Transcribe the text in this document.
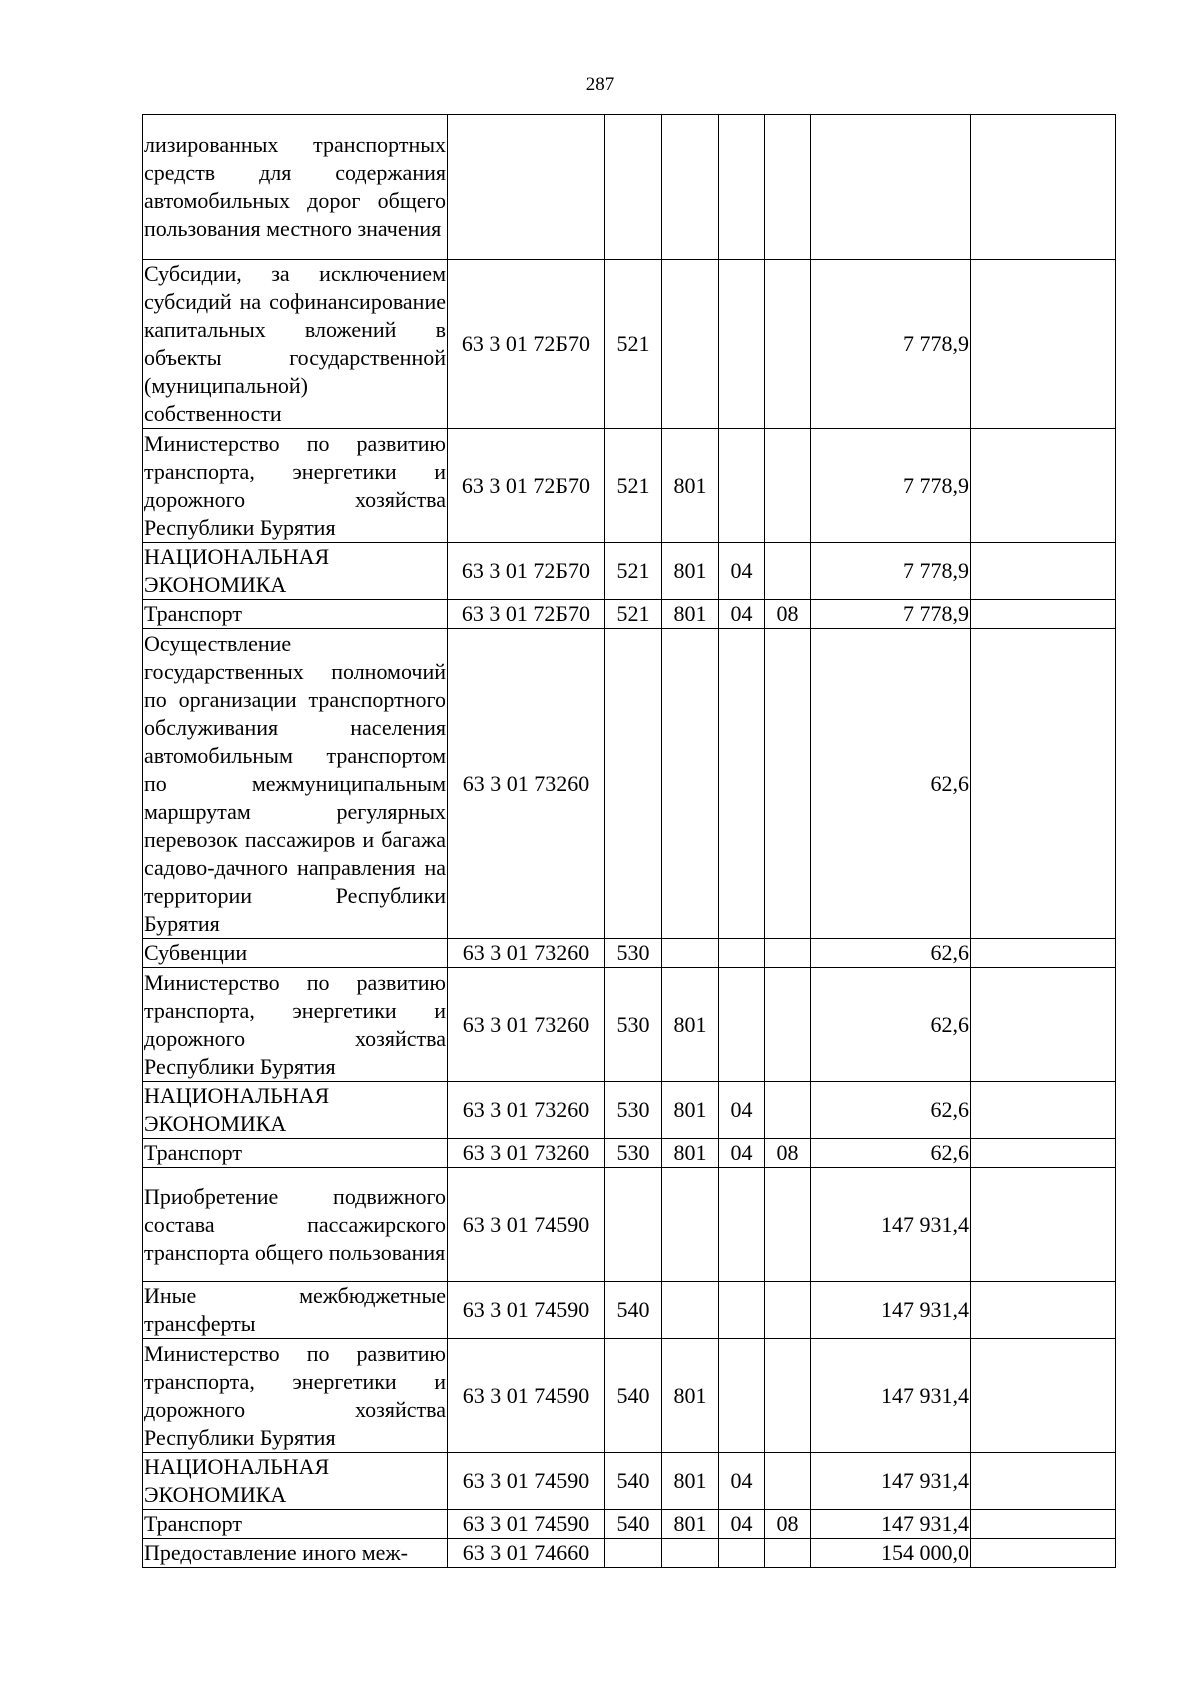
287
лизированных транспортных средств для содержания автомобильных дорог общего пользования местного значения							
Субсидии, за исключением субсидий на софинансирование капитальных вложений в объекты государственной (муниципальной) собственности	63 3 01 72Б70	521				7 778,9	
Министерство по развитию транспорта, энергетики и дорожного хозяйства Республики Бурятия	63 3 01 72Б70	521	801			7 778,9	
НАЦИОНАЛЬНАЯ ЭКОНОМИКА	63 3 01 72Б70	521	801	04		7 778,9	
Транспорт	63 3 01 72Б70	521	801	04	08	7 778,9	
Осуществление государственных полномочий по организации транспортного обслуживания населения автомобильным транспортом по межмуниципальным маршрутам регулярных перевозок пассажиров и багажа садово-дачного направления на территории Республики Бурятия	63 3 01 73260					62,6	
Субвенции	63 3 01 73260	530				62,6	
Министерство по развитию транспорта, энергетики и дорожного хозяйства Республики Бурятия	63 3 01 73260	530	801			62,6	
НАЦИОНАЛЬНАЯ ЭКОНОМИКА	63 3 01 73260	530	801	04		62,6	
Транспорт	63 3 01 73260	530	801	04	08	62,6	
Приобретение подвижного состава пассажирского транспорта общего пользования	63 3 01 74590					147 931,4	
Иные межбюджетные трансферты	63 3 01 74590	540				147 931,4	
Министерство по развитию транспорта, энергетики и дорожного хозяйства Республики Бурятия	63 3 01 74590	540	801			147 931,4	
НАЦИОНАЛЬНАЯ ЭКОНОМИКА	63 3 01 74590	540	801	04		147 931,4	
Транспорт	63 3 01 74590	540	801	04	08	147 931,4	
Предоставление иного меж-	63 3 01 74660					154 000,0	
